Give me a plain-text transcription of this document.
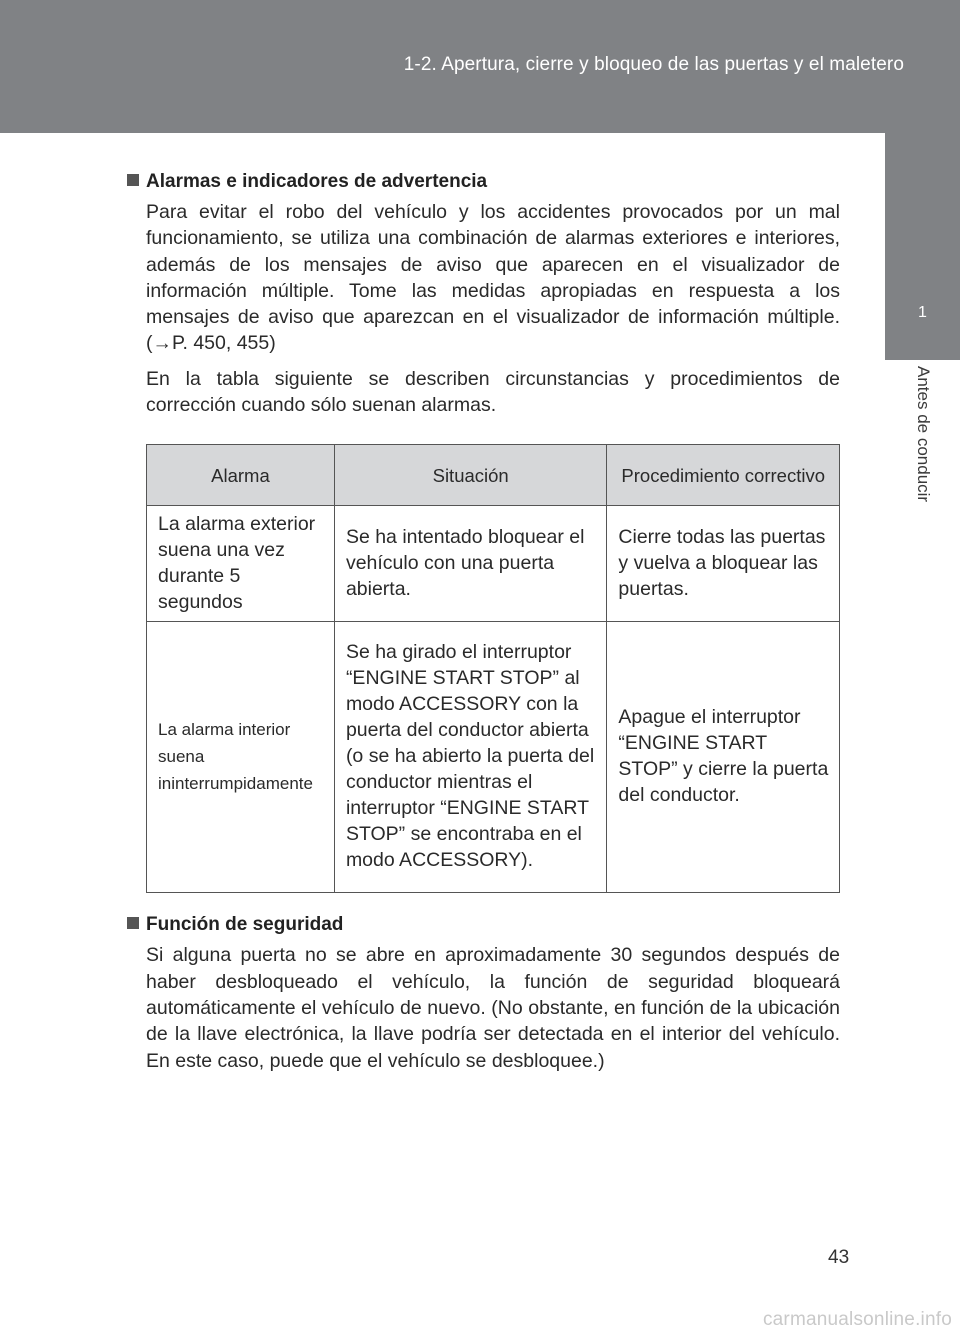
1-2. Apertura, cierre y bloqueo de las puertas y el maletero
1
Antes de conducir
Alarmas e indicadores de advertencia

Para evitar el robo del vehículo y los accidentes provocados por un mal funcionamiento, se utiliza una combinación de alarmas exteriores e interiores, además de los mensajes de aviso que aparecen en el visualizador de información múltiple. Tome las medidas apropiadas en respuesta a los mensajes de aviso que aparezcan en el visualizador de información múltiple. (→P. 450, 455)

En la tabla siguiente se describen circunstancias y procedimientos de corrección cuando sólo suenan alarmas.

Alarma	Situación	Procedimiento correctivo
La alarma exterior suena una vez durante 5 segundos	Se ha intentado bloquear el vehículo con una puerta abierta.	Cierre todas las puertas y vuelva a bloquear las puertas.
La alarma interior suena ininterrumpidamente	Se ha girado el interruptor “ENGINE START STOP” al modo ACCESSORY con la puerta del conductor abierta (o se ha abierto la puerta del conductor mientras el interruptor “ENGINE START STOP” se encontraba en el modo ACCESSORY).	Apague el interruptor “ENGINE START STOP” y cierre la puerta del conductor.
Función de seguridad

Si alguna puerta no se abre en aproximadamente 30 segundos después de haber desbloqueado el vehículo, la función de seguridad bloqueará automáticamente el vehículo de nuevo. (No obstante, en función de la ubicación de la llave electrónica, la llave podría ser detectada en el interior del vehículo. En este caso, puede que el vehículo se desbloquee.)

43
carmanualsonline.info
